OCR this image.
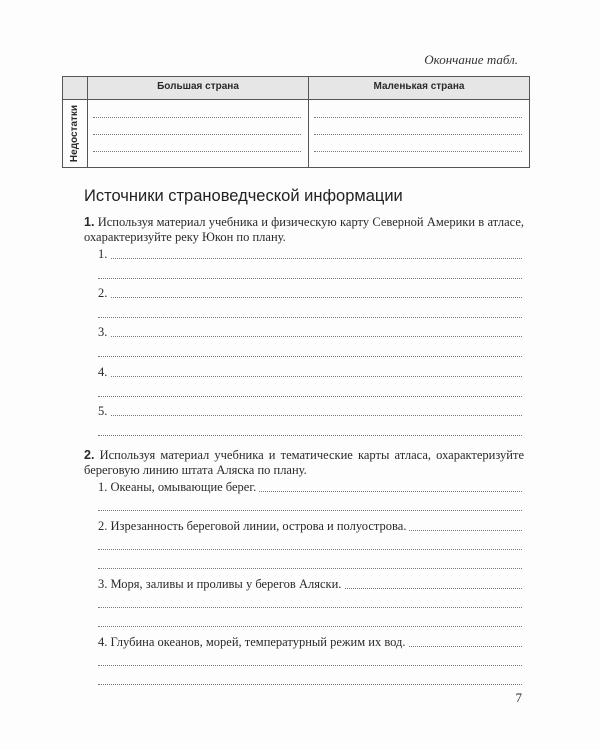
Окончание табл.
Большая страна	Маленькая страна
Недостатки
Источники страноведческой информации
1. Используя материал учебника и физическую карту Северной Америки в атласе, охарактеризуйте реку Юкон по плану.
1.
2.
3.
4.
5.
2. Используя материал учебника и тематические карты атласа, охарактеризуйте береговую линию штата Аляска по плану.
1. Океаны, омывающие берег.
2. Изрезанность береговой линии, острова и полуострова.
3. Моря, заливы и проливы у берегов Аляски.
4. Глубина океанов, морей, температурный режим их вод.
7
